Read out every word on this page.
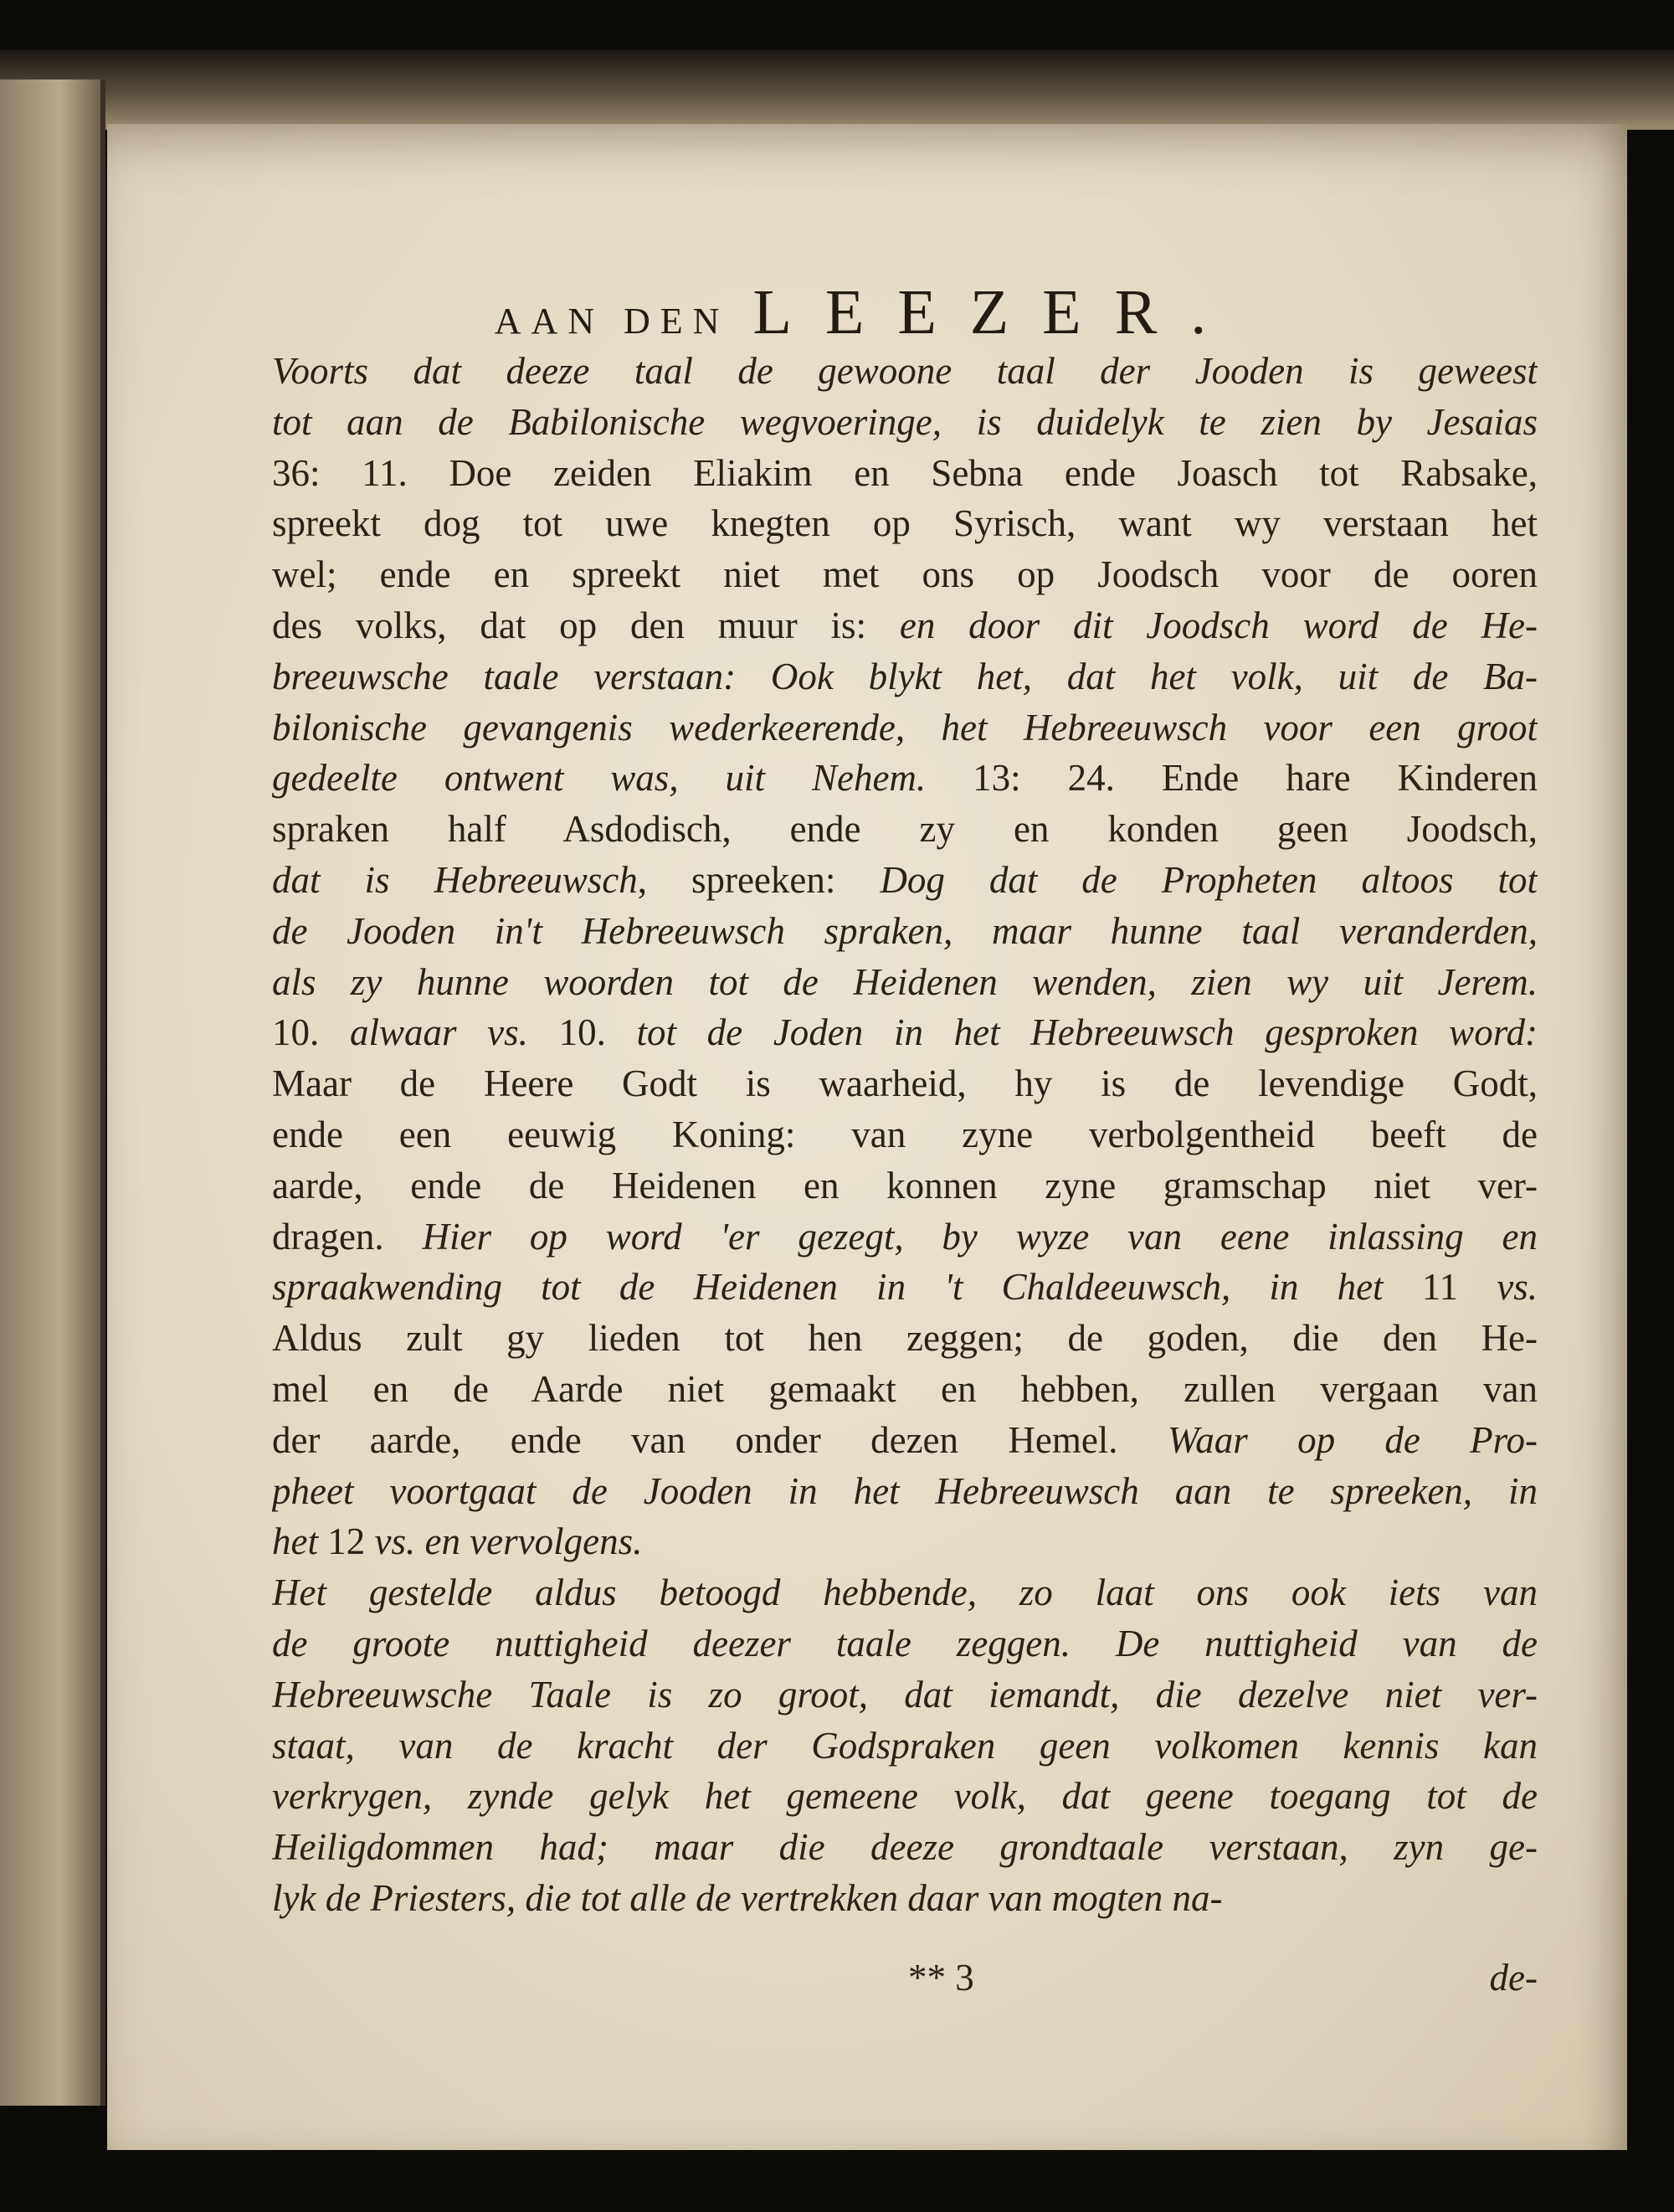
AAN DEN LEEZER.
Voorts dat deeze taal de gewoone taal der Jooden is geweest
tot aan de Babilonische wegvoeringe, is duidelyk te zien by Jesaias
36: 11. Doe zeiden Eliakim en Sebna ende Joasch tot Rabsake,
spreekt dog tot uwe knegten op Syrisch, want wy verstaan het
wel; ende en spreekt niet met ons op Joodsch voor de ooren
des volks, dat op den muur is: en door dit Joodsch word de He-
breeuwsche taale verstaan: Ook blykt het, dat het volk, uit de Ba-
bilonische gevangenis wederkeerende, het Hebreeuwsch voor een groot
gedeelte ontwent was, uit Nehem. 13: 24. Ende hare Kinderen
spraken half Asdodisch, ende zy en konden geen Joodsch,
dat is Hebreeuwsch, spreeken: Dog dat de Propheten altoos tot
de Jooden in't Hebreeuwsch spraken, maar hunne taal veranderden,
als zy hunne woorden tot de Heidenen wenden, zien wy uit Jerem.
10. alwaar vs. 10. tot de Joden in het Hebreeuwsch gesproken word:
Maar de Heere Godt is waarheid, hy is de levendige Godt,
ende een eeuwig Koning: van zyne verbolgentheid beeft de
aarde, ende de Heidenen en konnen zyne gramschap niet ver-
dragen. Hier op word 'er gezegt, by wyze van eene inlassing en
spraakwending tot de Heidenen in 't Chaldeeuwsch, in het 11 vs.
Aldus zult gy lieden tot hen zeggen; de goden, die den He-
mel en de Aarde niet gemaakt en hebben, zullen vergaan van
der aarde, ende van onder dezen Hemel. Waar op de Pro-
pheet voortgaat de Jooden in het Hebreeuwsch aan te spreeken, in
het 12 vs. en vervolgens.
Het gestelde aldus betoogd hebbende, zo laat ons ook iets van
de groote nuttigheid deezer taale zeggen. De nuttigheid van de
Hebreeuwsche Taale is zo groot, dat iemandt, die dezelve niet ver-
staat, van de kracht der Godspraken geen volkomen kennis kan
verkrygen, zynde gelyk het gemeene volk, dat geene toegang tot de
Heiligdommen had; maar die deeze grondtaale verstaan, zyn ge-
lyk de Priesters, die tot alle de vertrekken daar van mogten na-
** 3	de-
